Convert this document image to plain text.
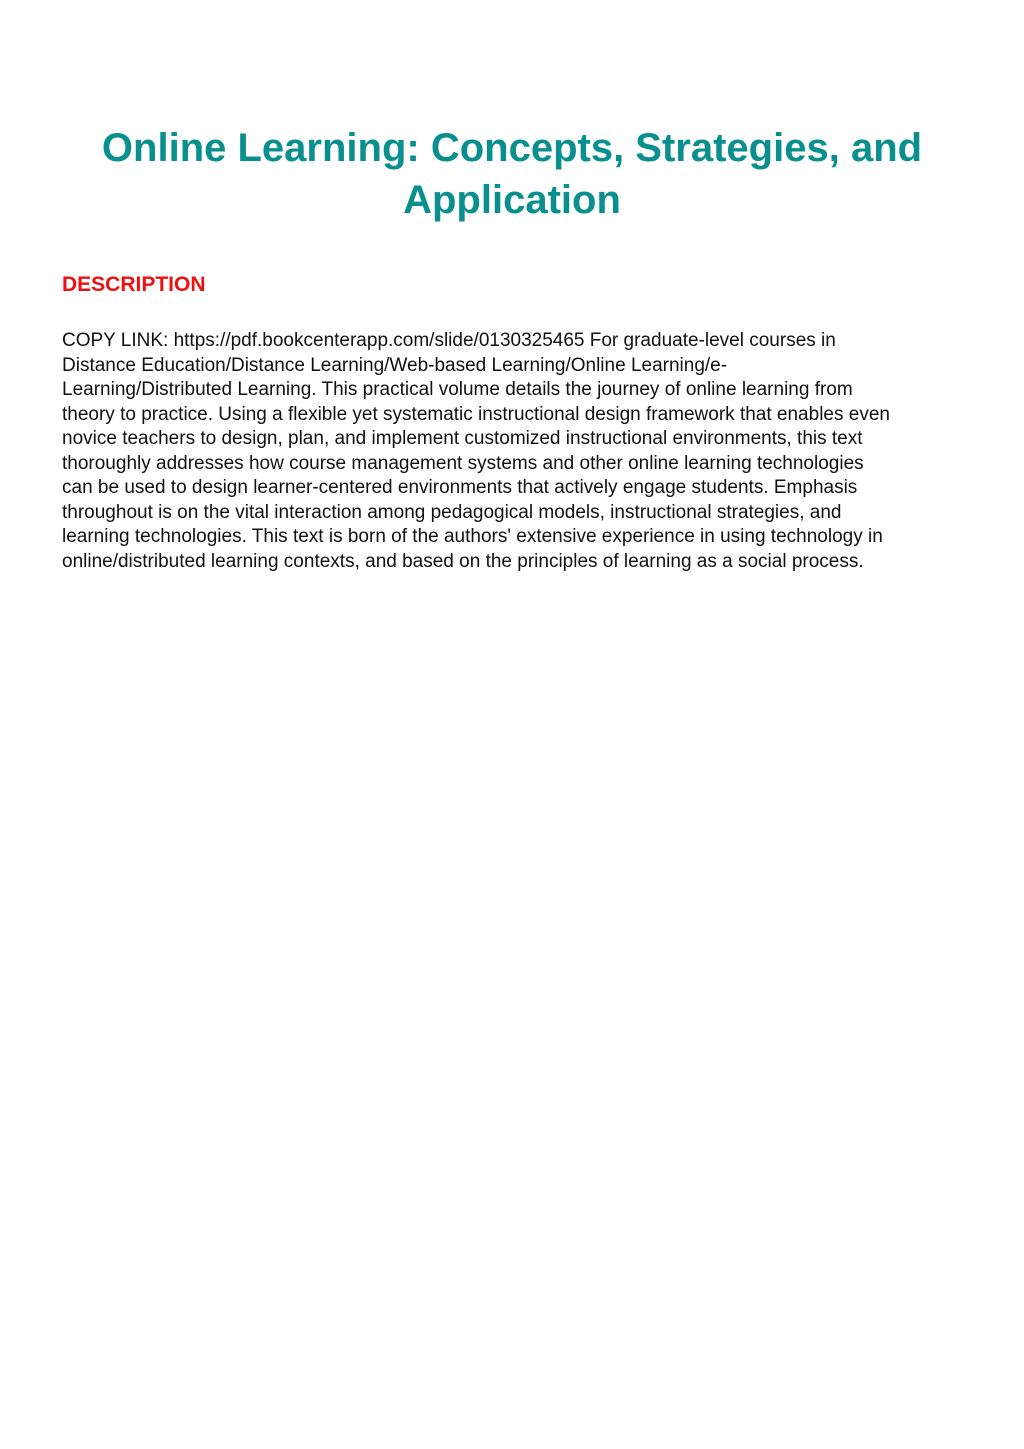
Online Learning: Concepts, Strategies, and Application
DESCRIPTION
COPY LINK: https://pdf.bookcenterapp.com/slide/0130325465 For graduate-level courses in
Distance Education/Distance Learning/Web-based Learning/Online Learning/e-
Learning/Distributed Learning. This practical volume details the journey of online learning from
theory to practice. Using a flexible yet systematic instructional design framework that enables even
novice teachers to design, plan, and implement customized instructional environments, this text
thoroughly addresses how course management systems and other online learning technologies
can be used to design learner-centered environments that actively engage students. Emphasis
throughout is on the vital interaction among pedagogical models, instructional strategies, and
learning technologies. This text is born of the authors' extensive experience in using technology in
online/distributed learning contexts, and based on the principles of learning as a social process.
